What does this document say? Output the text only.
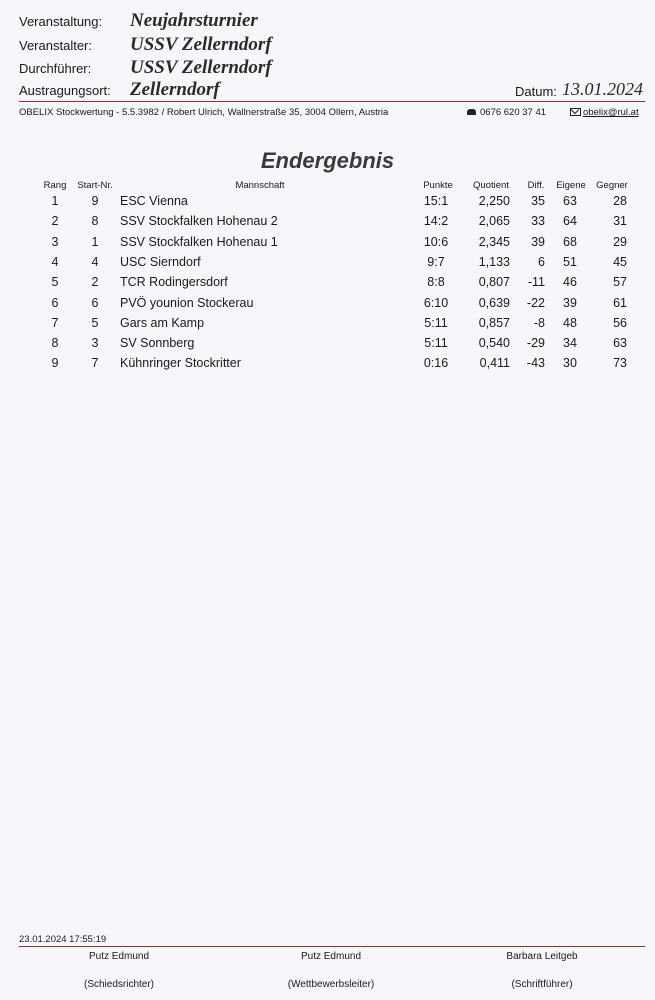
Veranstaltung: Neujahrsturnier
Veranstalter: USSV Zellerndorf
Durchführer: USSV Zellerndorf
Austragungsort: Zellerndorf	Datum: 13.01.2024
OBELIX Stockwertung - 5.5.3982 / Robert Ulrich, Wallnerstraße 35, 3004 Ollern, Austria	0676 620 37 41	obelix@rul.at
Endergebnis
Rang	Start-Nr.	Mannschaft	Punkte	Quotient	Diff.	Eigene	Gegner
1	9	ESC Vienna	15:1	2,250	35	63	28
2	8	SSV Stockfalken Hohenau 2	14:2	2,065	33	64	31
3	1	SSV Stockfalken Hohenau 1	10:6	2,345	39	68	29
4	4	USC Sierndorf	9:7	1,133	6	51	45
5	2	TCR Rodingersdorf	8:8	0,807	-11	46	57
6	6	PVÖ younion Stockerau	6:10	0,639	-22	39	61
7	5	Gars am Kamp	5:11	0,857	-8	48	56
8	3	SV Sonnberg	5:11	0,540	-29	34	63
9	7	Kühnringer Stockritter	0:16	0,411	-43	30	73
23.01.2024 17:55:19
Putz Edmund	Putz Edmund	Barbara Leitgeb
(Schiedsrichter)	(Wettbewerbsleiter)	(Schriftführer)
